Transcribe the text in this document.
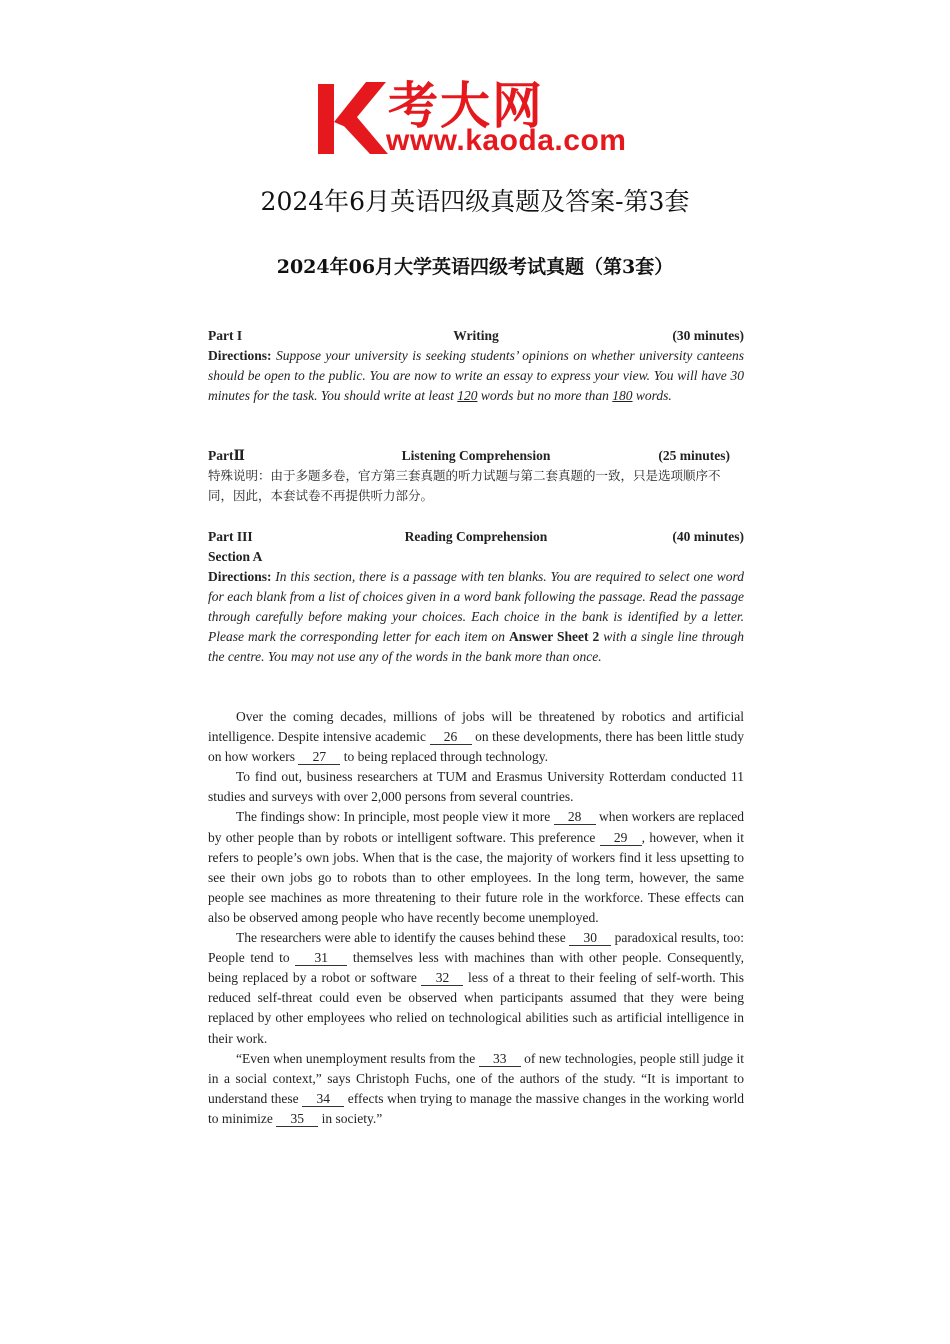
考大网
www.kaoda.com
2024年6月英语四级真题及答案-第3套
2024年06月大学英语四级考试真题（第3套）
Part I	Writing	(30 minutes)
Directions: Suppose your university is seeking students’ opinions on whether university canteens should be open to the public. You are now to write an essay to express your view. You will have 30 minutes for the task. You should write at least 120 words but no more than 180 words.
PartⅡ	Listening Comprehension	(25 minutes)
特殊说明：由于多题多卷，官方第三套真题的听力试题与第二套真题的一致，只是选项顺序不同，因此，本套试卷不再提供听力部分。
Part III	Reading Comprehension	(40 minutes)
Section A
Directions: In this section, there is a passage with ten blanks. You are required to select one word for each blank from a list of choices given in a word bank following the passage. Read the passage through carefully before making your choices. Each choice in the bank is identified by a letter. Please mark the corresponding letter for each item on Answer Sheet 2 with a single line through the centre. You may not use any of the words in the bank more than once.

Over the coming decades, millions of jobs will be threatened by robotics and artificial intelligence. Despite intensive academic 26 on these developments, there has been little study on how workers 27 to being replaced through technology.

To find out, business researchers at TUM and Erasmus University Rotterdam conducted 11 studies and surveys with over 2,000 persons from several countries.

The findings show: In principle, most people view it more 28 when workers are replaced by other people than by robots or intelligent software. This preference 29 , however, when it refers to people’s own jobs. When that is the case, the majority of workers find it less upsetting to see their own jobs go to robots than to other employees. In the long term, however, the same people see machines as more threatening to their future role in the workforce. These effects can also be observed among people who have recently become unemployed.

The researchers were able to identify the causes behind these 30 paradoxical results, too: People tend to 31 themselves less with machines than with other people. Consequently, being replaced by a robot or software 32 less of a threat to their feeling of self-worth. This reduced self-threat could even be observed when participants assumed that they were being replaced by other employees who relied on technological abilities such as artificial intelligence in their work.

“Even when unemployment results from the 33 of new technologies, people still judge it in a social context,” says Christoph Fuchs, one of the authors of the study. “It is important to understand these 34 effects when trying to manage the massive changes in the working world to minimize 35 in society.”
